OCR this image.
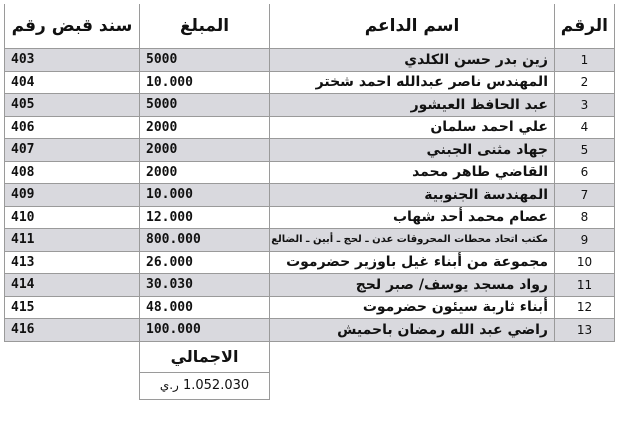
الرقم	اسم الداعم	المبلغ	سند قبض رقم
1	زين بدر حسن الكلدي	5000	403
2	المهندس ناصر عبدالله احمد شختر	10.000	404
3	عبد الحافظ العيشور	5000	405
4	علي احمد سلمان	2000	406
5	جهاد مثنى الجبني	2000	407
6	القاضي طاهر محمد	2000	408
7	المهندسة الجنوبية	10.000	409
8	عصام محمد أحد شهاب	12.000	410
9	مكتب اتحاد محطات المحروقات عدن ـ لحج ـ أبين ـ الضالع	800.000	411
10	مجموعة من أبناء غيل باوزير حضرموت	26.000	413
11	رواد مسجد يوسف/ صبر لحج	30.030	414
12	أبناء ثاربة سيئون حضرموت	48.000	415
13	راضي عبد الله رمضان باحميش	100.000	416
		الاجمالي	
		1.052.030 ر.ي	
